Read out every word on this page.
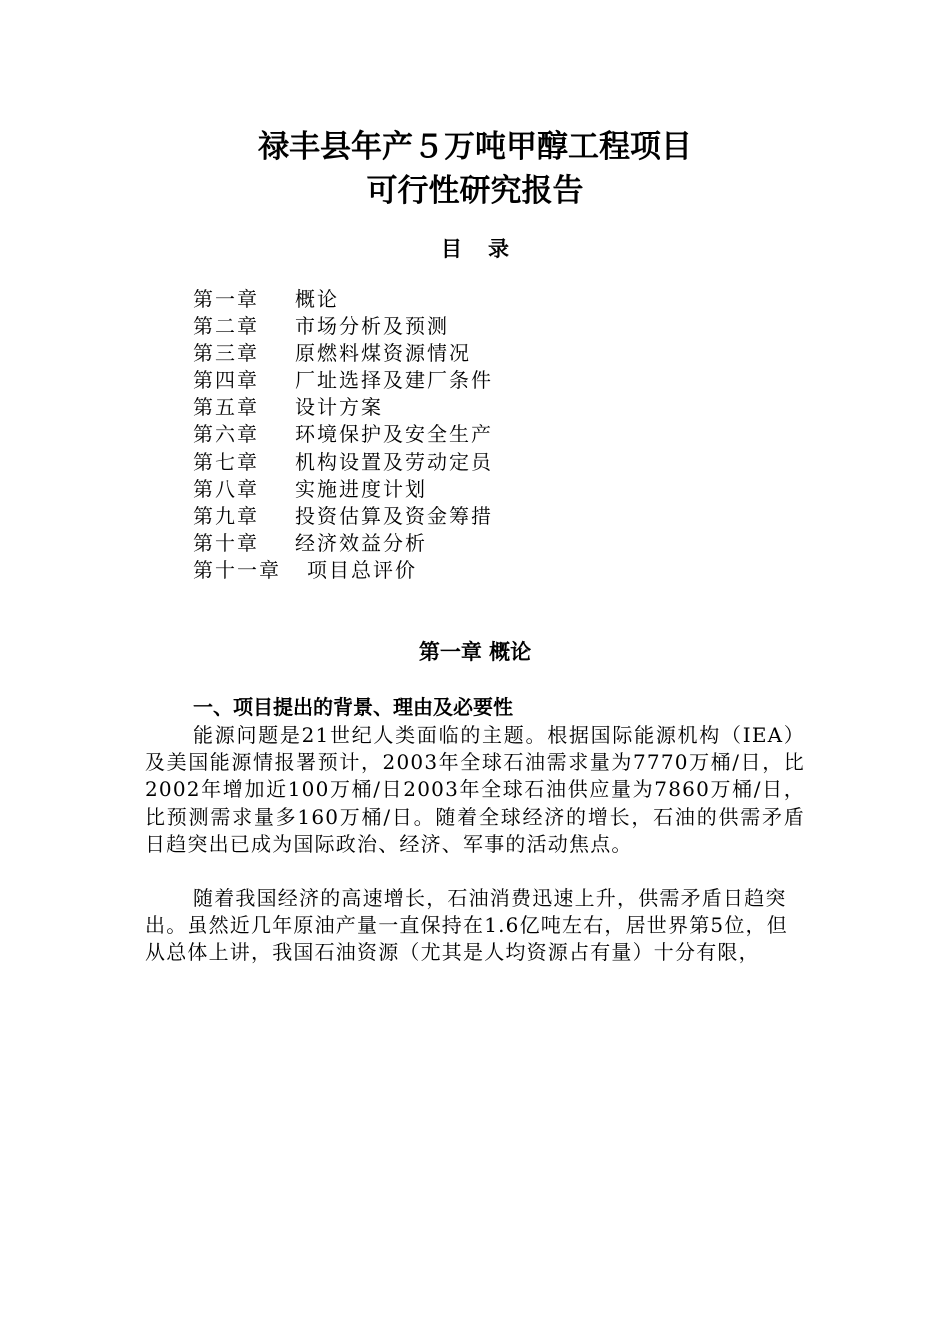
禄丰县年产５万吨甲醇工程项目
可行性研究报告
目录
第一章 概论
第二章 市场分析及预测
第三章 原燃料煤资源情况
第四章 厂址选择及建厂条件
第五章 设计方案
第六章 环境保护及安全生产
第七章 机构设置及劳动定员
第八章 实施进度计划
第九章 投资估算及资金筹措
第十章 经济效益分析
第十一章 项目总评价
第一章 概论
一、项目提出的背景、理由及必要性

能源问题是21世纪人类面临的主题。根据国际能源机构（IEA）及美国能源情报署预计，2003年全球石油需求量为7770万桶/日，比2002年增加近100万桶/日2003年全球石油供应量为7860万桶/日，比预测需求量多160万桶/日。随着全球经济的增长，石油的供需矛盾日趋突出已成为国际政治、经济、军事的活动焦点。

随着我国经济的高速增长，石油消费迅速上升，供需矛盾日趋突
出。虽然近几年原油产量一直保持在1.6亿吨左右，居世界第5位，但
从总体上讲，我国石油资源（尤其是人均资源占有量）十分有限，
